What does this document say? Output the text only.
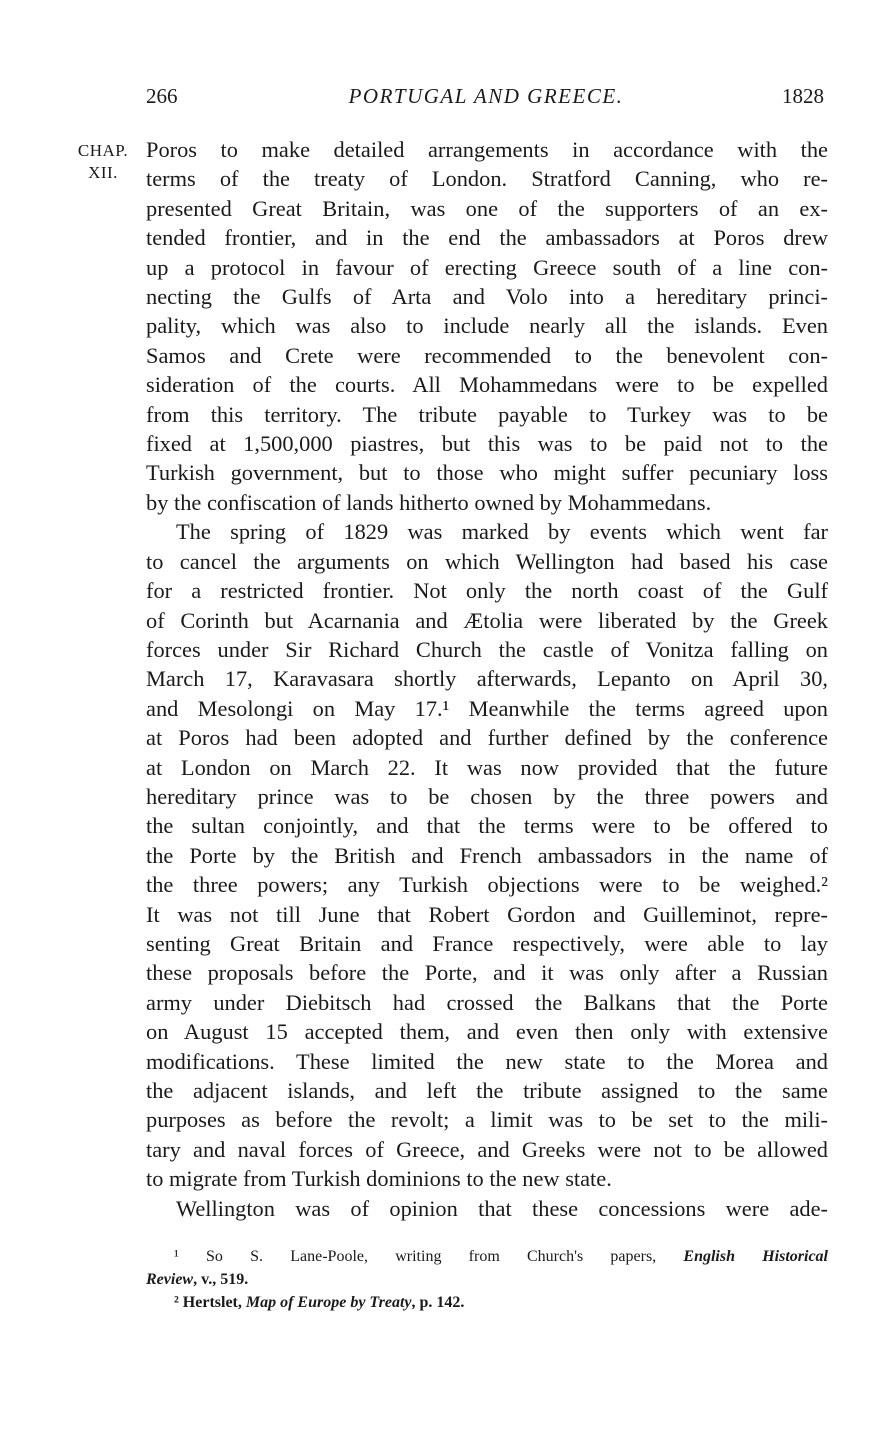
266	PORTUGAL AND GREECE.	1828
CHAP.
XII.
Poros to make detailed arrangements in accordance with the
terms of the treaty of London. Stratford Canning, who re-
presented Great Britain, was one of the supporters of an ex-
tended frontier, and in the end the ambassadors at Poros drew
up a protocol in favour of erecting Greece south of a line con-
necting the Gulfs of Arta and Volo into a hereditary princi-
pality, which was also to include nearly all the islands. Even
Samos and Crete were recommended to the benevolent con-
sideration of the courts. All Mohammedans were to be expelled
from this territory. The tribute payable to Turkey was to be
fixed at 1,500,000 piastres, but this was to be paid not to the
Turkish government, but to those who might suffer pecuniary loss
by the confiscation of lands hitherto owned by Mohammedans.
The spring of 1829 was marked by events which went far
to cancel the arguments on which Wellington had based his case
for a restricted frontier. Not only the north coast of the Gulf
of Corinth but Acarnania and Ætolia were liberated by the Greek
forces under Sir Richard Church the castle of Vonitza falling on
March 17, Karavasara shortly afterwards, Lepanto on April 30,
and Mesolongi on May 17.¹ Meanwhile the terms agreed upon
at Poros had been adopted and further defined by the conference
at London on March 22. It was now provided that the future
hereditary prince was to be chosen by the three powers and
the sultan conjointly, and that the terms were to be offered to
the Porte by the British and French ambassadors in the name of
the three powers; any Turkish objections were to be weighed.²
It was not till June that Robert Gordon and Guilleminot, repre-
senting Great Britain and France respectively, were able to lay
these proposals before the Porte, and it was only after a Russian
army under Diebitsch had crossed the Balkans that the Porte
on August 15 accepted them, and even then only with extensive
modifications. These limited the new state to the Morea and
the adjacent islands, and left the tribute assigned to the same
purposes as before the revolt; a limit was to be set to the mili-
tary and naval forces of Greece, and Greeks were not to be allowed
to migrate from Turkish dominions to the new state.
Wellington was of opinion that these concessions were ade-
¹ So S. Lane-Poole, writing from Church's papers, English Historical
Review, v., 519.
² Hertslet, Map of Europe by Treaty, p. 142.
